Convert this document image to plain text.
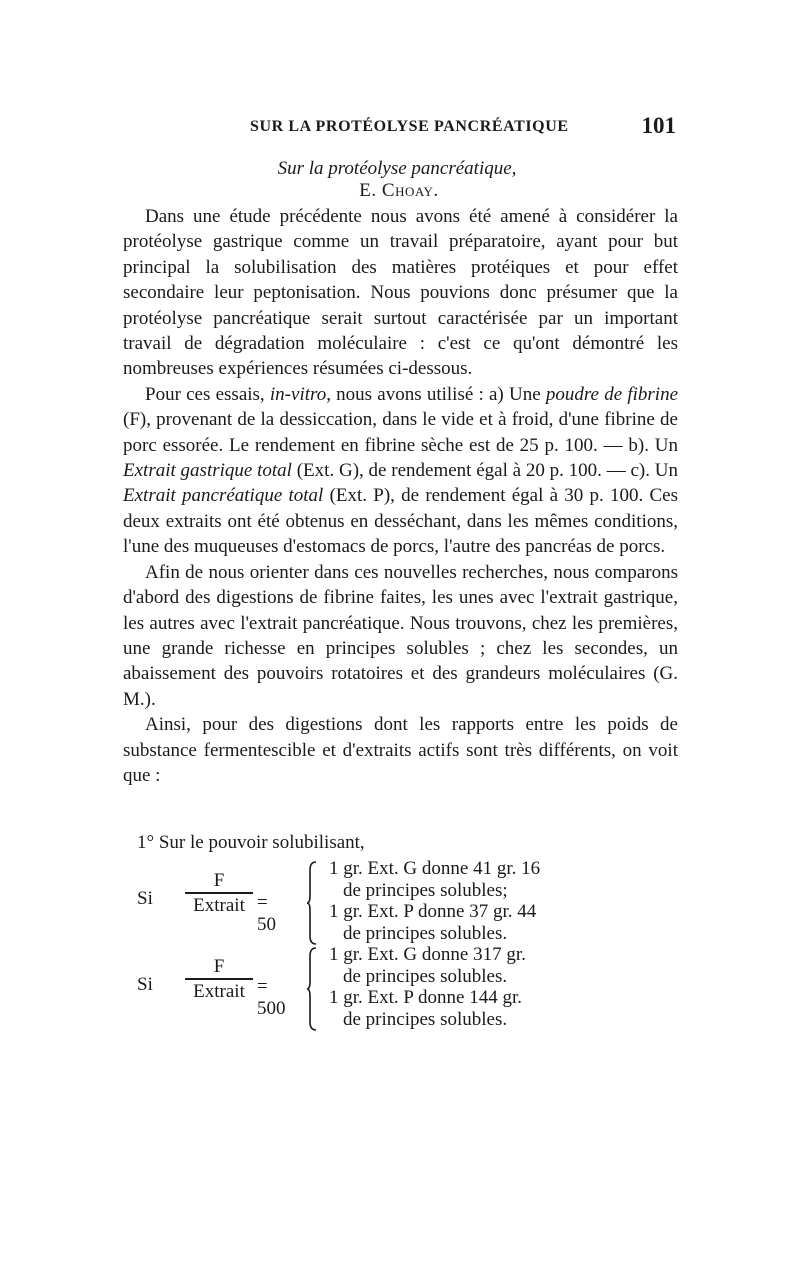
SUR LA PROTÉOLYSE PANCRÉATIQUE	101
Sur la protéolyse pancréatique,
E. Choay.

Dans une étude précédente nous avons été amené à considérer la protéolyse gastrique comme un travail préparatoire, ayant pour but principal la solubilisation des matières protéiques et pour effet secondaire leur peptonisation. Nous pouvions donc présumer que la protéolyse pancréatique serait surtout caractérisée par un important travail de dégradation moléculaire : c'est ce qu'ont démontré les nombreuses expériences résumées ci-dessous.

Pour ces essais, in-vitro, nous avons utilisé : a) Une poudre de fibrine (F), provenant de la dessiccation, dans le vide et à froid, d'une fibrine de porc essorée. Le rendement en fibrine sèche est de 25 p. 100. — b). Un Extrait gastrique total (Ext. G), de rendement égal à 20 p. 100. — c). Un Extrait pancréatique total (Ext. P), de rendement égal à 30 p. 100. Ces deux extraits ont été obtenus en desséchant, dans les mêmes conditions, l'une des muqueuses d'estomacs de porcs, l'autre des pancréas de porcs.

Afin de nous orienter dans ces nouvelles recherches, nous comparons d'abord des digestions de fibrine faites, les unes avec l'extrait gastrique, les autres avec l'extrait pancréatique. Nous trouvons, chez les premières, une grande richesse en principes solubles ; chez les secondes, un abaissement des pouvoirs rotatoires et des grandeurs moléculaires (G. M.).

Ainsi, pour des digestions dont les rapports entre les poids de substance fermentescible et d'extraits actifs sont très différents, on voit que :

1° Sur le pouvoir solubilisant,
Si
F
Extrait = 50
1 gr. Ext. G donne 41 gr. 16
de principes solubles;
1 gr. Ext. P donne 37 gr. 44
de principes solubles.
Si
F
Extrait = 500
1 gr. Ext. G donne 317 gr.
de principes solubles.
1 gr. Ext. P donne 144 gr.
de principes solubles.
